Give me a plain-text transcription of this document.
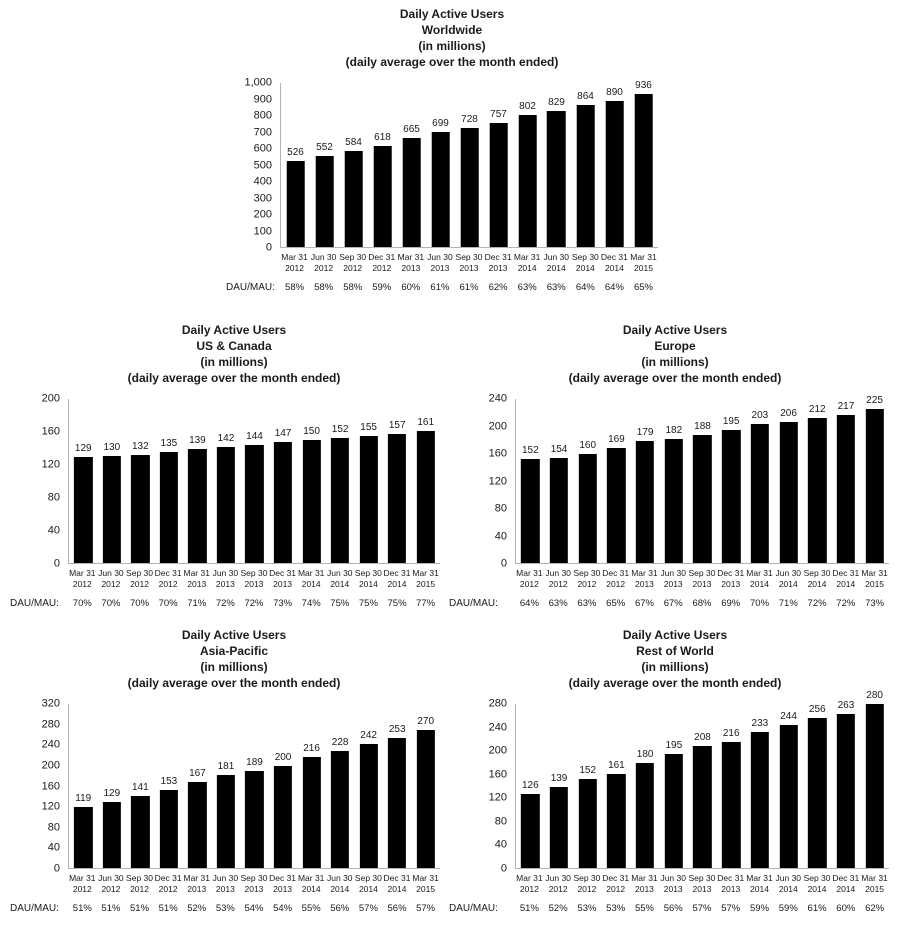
Daily Active Users
Worldwide
(in millions)
(daily average over the month ended)
1,000
900
800
700
600
500
400
300
200
100
0
526 552 584
618
665
699 728 757
802 829
864 890
936
Mar 31
2012
Jun 30
2012
Sep 30
2012
Dec 31
2012
Mar 31
2013
Jun 30
2013
Sep 30
2013
Dec 31
2013
Mar 31
2014
Jun 30
2014
Sep 30
2014
Dec 31
2014
Mar 31
2015
DAU/MAU:	58%	58%	58%	59%	60%	61%	61%	62%	63%	63%	64%	64%	65%
Daily Active Users
US & Canada
(in millions)
(daily average over the month ended)
200
160
120
80
40
0
129 130 132 135 139 142 144 147 150 152 155 157 161
Mar 31
2012
Jun 30
2012
Sep 30
2012
Dec 31
2012
Mar 31
2013
Jun 30
2013
Sep 30
2013
Dec 31
2013
Mar 31
2014
Jun 30
2014
Sep 30
2014
Dec 31
2014
Mar 31
2015
DAU/MAU:	70%	70%	70%	70%	71%	72%	72%	73%	74%	75%	75%	75%	77%
Daily Active Users
Europe
(in millions)
(daily average over the month ended)
240
200
160
120
80
40
0
152 154 160
169
179 182 188 195 203 206 212 217 225
Mar 31
2012
Jun 30
2012
Sep 30
2012
Dec 31
2012
Mar 31
2013
Jun 30
2013
Sep 30
2013
Dec 31
2013
Mar 31
2014
Jun 30
2014
Sep 30
2014
Dec 31
2014
Mar 31
2015
DAU/MAU:	64%	63%	63%	65%	67%	67%	68%	69%	70%	71%	72%	72%	73%
Daily Active Users
Asia-Pacific
(in millions)
(daily average over the month ended)
320
280
240
200
160
120
80
40
0
119 129
141
153
167
181 189
200
216
228
242
253
270
Mar 31
2012
Jun 30
2012
Sep 30
2012
Dec 31
2012
Mar 31
2013
Jun 30
2013
Sep 30
2013
Dec 31
2013
Mar 31
2014
Jun 30
2014
Sep 30
2014
Dec 31
2014
Mar 31
2015
DAU/MAU:	51%	51%	51%	51%	52%	53%	54%	54%	55%	56%	57%	56%	57%
Daily Active Users
Rest of World
(in millions)
(daily average over the month ended)
280
240
200
160
120
80
40
0
126
139
152 161
180
195
208 216
233
244
256 263
280
Mar 31
2012
Jun 30
2012
Sep 30
2012
Dec 31
2012
Mar 31
2013
Jun 30
2013
Sep 30
2013
Dec 31
2013
Mar 31
2014
Jun 30
2014
Sep 30
2014
Dec 31
2014
Mar 31
2015
DAU/MAU:	51%	52%	53%	53%	55%	56%	57%	57%	59%	59%	61%	60%	62%
